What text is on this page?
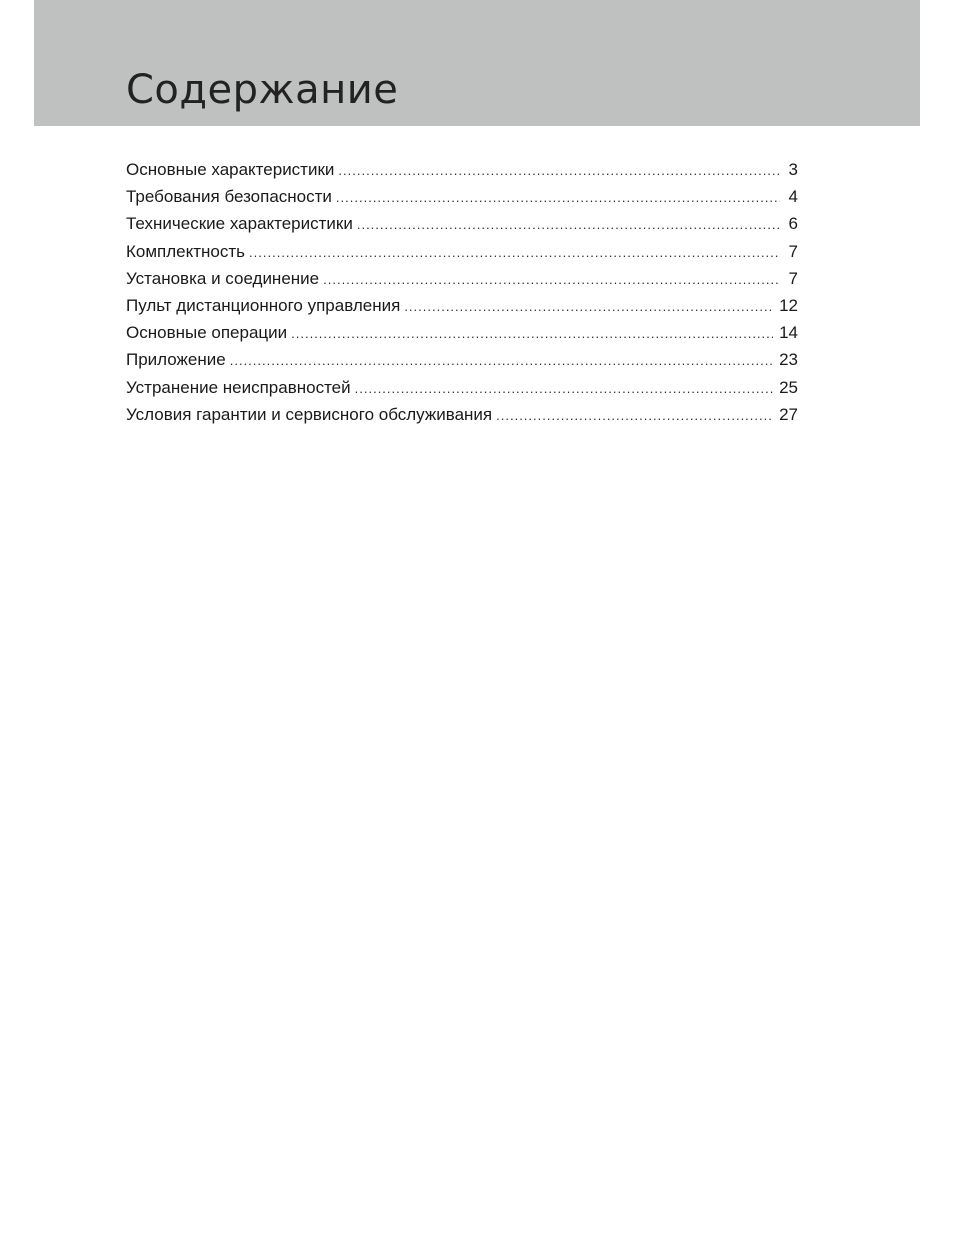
Содержание
Основные характеристики .....	3
Требования безопасности .....	4
Технические характеристики .....	6
Комплектность .....	7
Установка и соединение .....	7
Пульт дистанционного управления .....	12
Основные операции .....	14
Приложение .....	23
Устранение неисправностей .....	25
Условия гарантии и сервисного обслуживания .....	27
